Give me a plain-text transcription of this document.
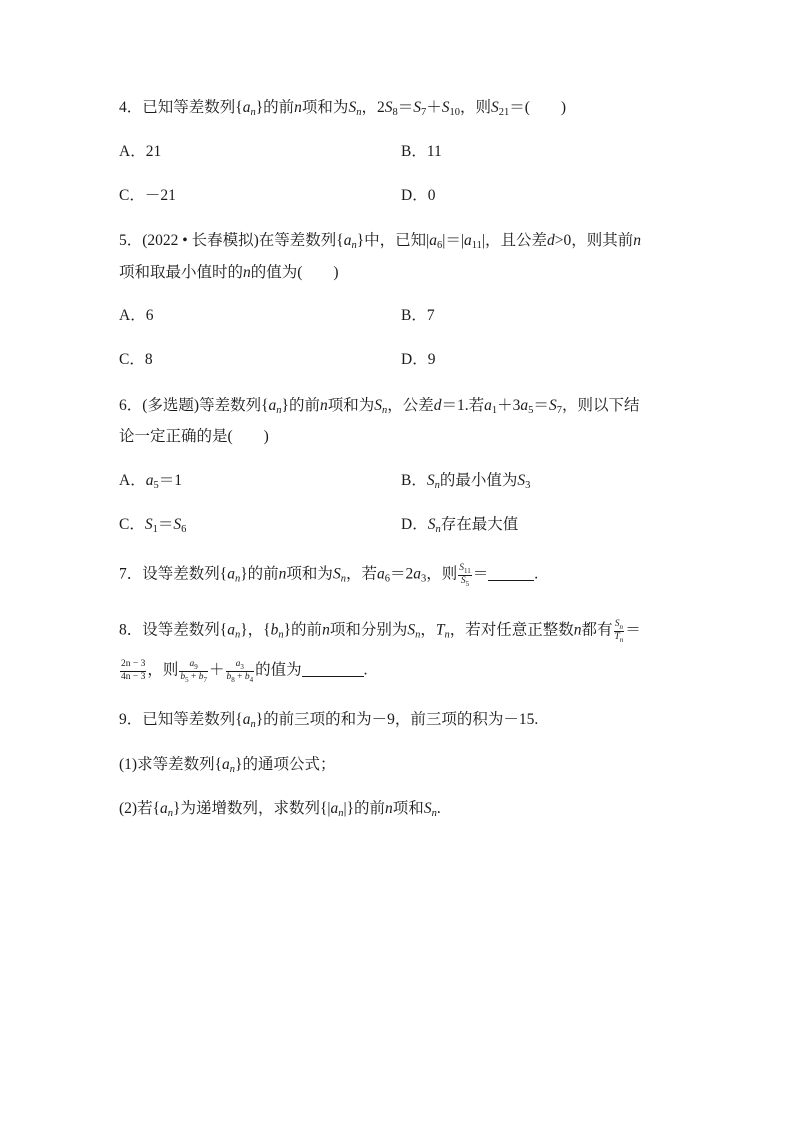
4．已知等差数列$\{a_n\}$的前n项和为$S_n$，$2S_8=S_7+S_{10}$，则$S_{21}=$(　　)
A．21	B．11
C．－21	D．0
5．(2022 • 长春模拟)在等差数列$\{a_n\}$中，已知$|a_6|=|a_{11}|$，且公差d>0，则其前n
项和取最小值时的n的值为(　　)
A．6	B．7
C．8	D．9
6．(多选题)等差数列$\{a_n\}$的前n项和为$S_n$，公差d＝1.若$a_1+3a_5=S_7$，则以下结
论一定正确的是(　　)
A．$a_5=1$	B．$S_n$的最小值为$S_3$
C．$S_1=S_6$	D．$S_n$存在最大值
7．设等差数列$\{a_n\}$的前n项和为$S_n$，若$a_6=2a_3$，则 $\frac{S_{11}}{S_5}$ ＝	.
8．设等差数列$\{a_n\}$，$\{b_n\}$的前n项和分别为$S_n$，$T_n$，若对任意正整数n都有 $\frac{S_n}{T_n}$ ＝
$\frac{2n - 3}{4n - 3}$ ，则 $\frac{a_9}{b_5 + b_7} + \frac{a_3}{b_8 + b_4}$ 的值为	.
9．已知等差数列$\{a_n\}$的前三项的和为－9，前三项的积为－15.
(1)求等差数列$\{a_n\}$的通项公式；
(2)若$\{a_n\}$为递增数列，求数列$\{|a_n|\}$的前n项和$S_n$.
